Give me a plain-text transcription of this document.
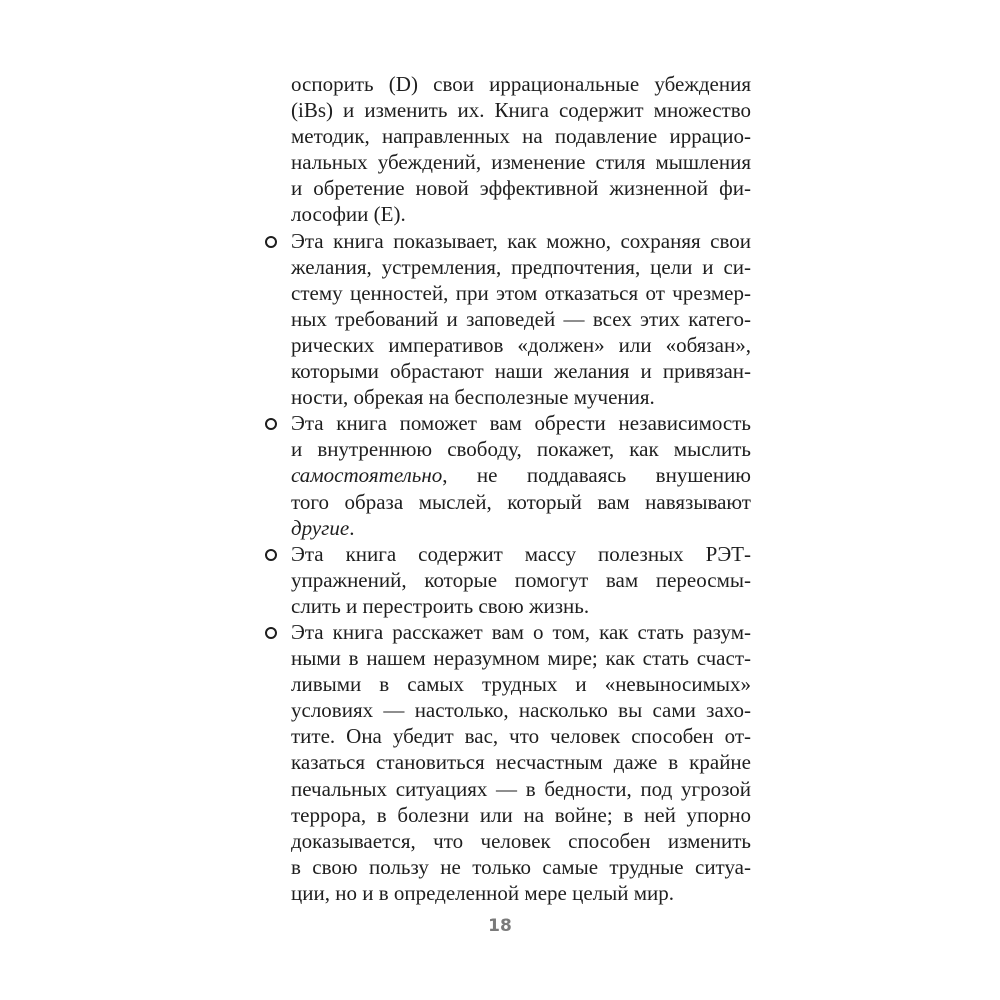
оспорить (D) свои иррациональные убеждения
(iBs) и изменить их. Книга содержит множество
методик, направленных на подавление иррацио-
нальных убеждений, изменение стиля мышления
и обретение новой эффективной жизненной фи-
лософии (E).
Эта книга показывает, как можно, сохраняя свои
желания, устремления, предпочтения, цели и си-
стему ценностей, при этом отказаться от чрезмер-
ных требований и заповедей — всех этих катего-
рических императивов «должен» или «обязан»,
которыми обрастают наши желания и привязан-
ности, обрекая на бесполезные мучения.
Эта книга поможет вам обрести независимость
и внутреннюю свободу, покажет, как мыслить
самостоятельно, не поддаваясь внушению
того образа мыслей, который вам навязывают
другие.
Эта книга содержит массу полезных РЭТ-
упражнений, которые помогут вам переосмы-
слить и перестроить свою жизнь.
Эта книга расскажет вам о том, как стать разум-
ными в нашем неразумном мире; как стать счаст-
ливыми в самых трудных и «невыносимых»
условиях — настолько, насколько вы сами захо-
тите. Она убедит вас, что человек способен от-
казаться становиться несчастным даже в крайне
печальных ситуациях — в бедности, под угрозой
террора, в болезни или на войне; в ней упорно
доказывается, что человек способен изменить
в свою пользу не только самые трудные ситуа-
ции, но и в определенной мере целый мир.
18
